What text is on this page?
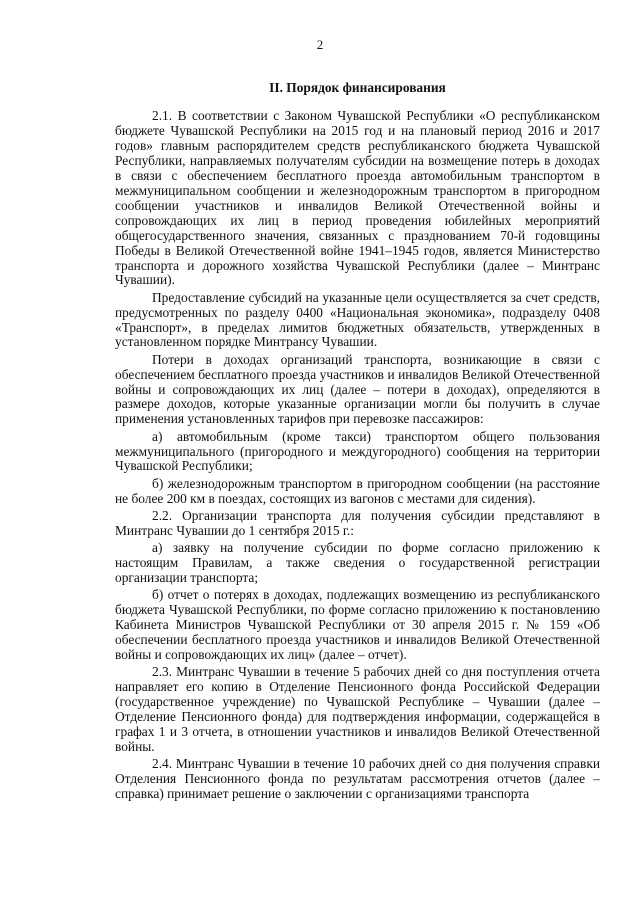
2
II. Порядок финансирования

2.1. В соответствии с Законом Чувашской Республики «О республиканском бюджете Чувашской Республики на 2015 год и на плановый период 2016 и 2017 годов» главным распорядителем средств республиканского бюджета Чувашской Республики, направляемых получателям субсидии на возмещение потерь в доходах в связи с обеспечением бесплатного проезда автомобильным транспортом в межмуниципальном сообщении и железнодорожным транспортом в пригородном сообщении участников и инвалидов Великой Отечественной войны и сопровождающих их лиц в период проведения юбилейных мероприятий общегосударственного значения, связанных с празднованием 70-й годовщины Победы в Великой Отечественной войне 1941–1945 годов, является Министерство транспорта и дорожного хозяйства Чувашской Республики (далее – Минтранс Чувашии).

Предоставление субсидий на указанные цели осуществляется за счет средств, предусмотренных по разделу 0400 «Национальная экономика», подразделу 0408 «Транспорт», в пределах лимитов бюджетных обязательств, утвержденных в установленном порядке Минтрансу Чувашии.

Потери в доходах организаций транспорта, возникающие в связи с обеспечением бесплатного проезда участников и инвалидов Великой Отечественной войны и сопровождающих их лиц (далее – потери в доходах), определяются в размере доходов, которые указанные организации могли бы получить в случае применения установленных тарифов при перевозке пассажиров:

а) автомобильным (кроме такси) транспортом общего пользования межмуниципального (пригородного и междугородного) сообщения на территории Чувашской Республики;

б) железнодорожным транспортом в пригородном сообщении (на расстояние не более 200 км в поездах, состоящих из вагонов с местами для сидения).

2.2. Организации транспорта для получения субсидии представляют в Минтранс Чувашии до 1 сентября 2015 г.:

а) заявку на получение субсидии по форме согласно приложению к настоящим Правилам, а также сведения о государственной регистрации организации транспорта;

б) отчет о потерях в доходах, подлежащих возмещению из республиканского бюджета Чувашской Республики, по форме согласно приложению к постановлению Кабинета Министров Чувашской Республики от 30 апреля 2015 г. № 159 «Об обеспечении бесплатного проезда участников и инвалидов Великой Отечественной войны и сопровождающих их лиц» (далее – отчет).

2.3. Минтранс Чувашии в течение 5 рабочих дней со дня поступления отчета направляет его копию в Отделение Пенсионного фонда Российской Федерации (государственное учреждение) по Чувашской Республике – Чувашии (далее – Отделение Пенсионного фонда) для подтверждения информации, содержащейся в графах 1 и 3 отчета, в отношении участников и инвалидов Великой Отечественной войны.

2.4. Минтранс Чувашии в течение 10 рабочих дней со дня получения справки Отделения Пенсионного фонда по результатам рассмотрения отчетов (далее – справка) принимает решение о заключении с организациями транспорта
